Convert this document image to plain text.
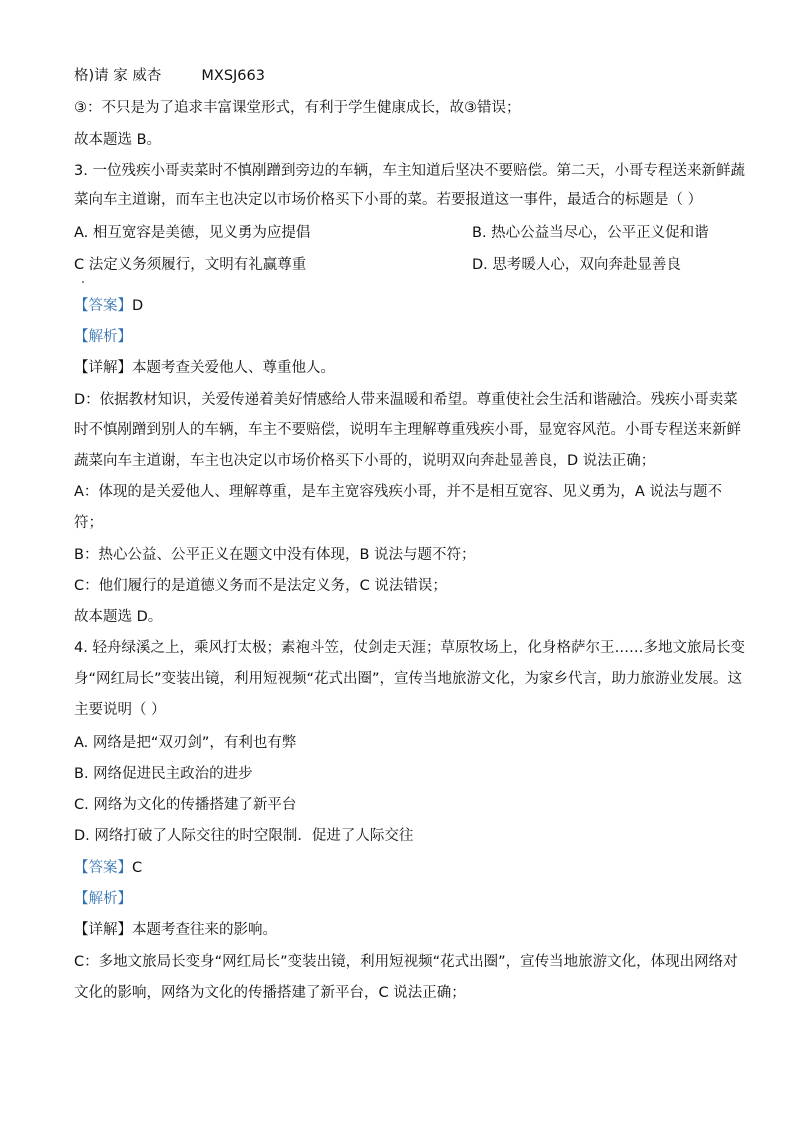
格)请 家 威杏	MXSJ663
③：不只是为了追求丰富课堂形式，有利于学生健康成长，故③错误；
故本题选 B。
3. 一位残疾小哥卖菜时不慎剐蹭到旁边的车辆，车主知道后坚决不要赔偿。第二天，小哥专程送来新鲜蔬
菜向车主道谢，而车主也决定以市场价格买下小哥的菜。若要报道这一事件，最适合的标题是（ ）
A. 相互宽容是美德，见义勇为应提倡	B. 热心公益当尽心，公平正义促和谐
C 法定义务须履行，文明有礼赢尊重	D. 思考暖人心，双向奔赴显善良
【答案】D
【解析】
【详解】本题考查关爱他人、尊重他人。
D：依据教材知识，关爱传递着美好情感给人带来温暖和希望。尊重使社会生活和谐融洽。残疾小哥卖菜
时不慎剐蹭到别人的车辆，车主不要赔偿，说明车主理解尊重残疾小哥，显宽容风范。小哥专程送来新鲜
蔬菜向车主道谢，车主也决定以市场价格买下小哥的，说明双向奔赴显善良，D 说法正确；
A：体现的是关爱他人、理解尊重，是车主宽容残疾小哥，并不是相互宽容、见义勇为，A 说法与题不
符；
B：热心公益、公平正义在题文中没有体现，B 说法与题不符；
C：他们履行的是道德义务而不是法定义务，C 说法错误；
故本题选 D。
4. 轻舟绿溪之上，乘风打太极；素袍斗笠，仗剑走天涯；草原牧场上，化身格萨尔王……多地文旅局长变
身“网红局长”变装出镜，利用短视频“花式出圈”，宣传当地旅游文化，为家乡代言，助力旅游业发展。这
主要说明（ ）
A. 网络是把“双刃剑”，有利也有弊
B. 网络促进民主政治的进步
C. 网络为文化的传播搭建了新平台
D. 网络打破了人际交往的时空限制．促进了人际交往
【答案】C
【解析】
【详解】本题考查往来的影响。
C：多地文旅局长变身“网红局长”变装出镜，利用短视频“花式出圈”，宣传当地旅游文化，体现出网络对
文化的影响，网络为文化的传播搭建了新平台，C 说法正确；
